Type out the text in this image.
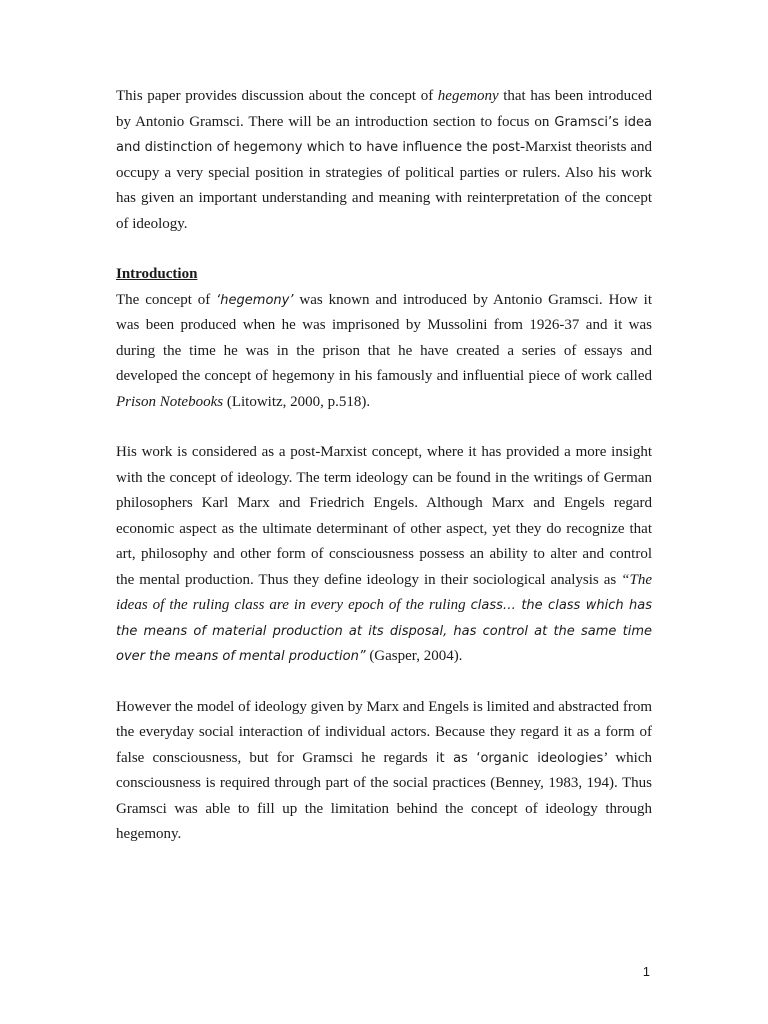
This paper provides discussion about the concept of hegemony that has been introduced by Antonio Gramsci. There will be an introduction section to focus on Gramsci’s idea and distinction of hegemony which to have influence the post-Marxist theorists and occupy a very special position in strategies of political parties or rulers. Also his work has given an important understanding and meaning with reinterpretation of the concept of ideology.

Introduction

The concept of ‘hegemony’ was known and introduced by Antonio Gramsci. How it was been produced when he was imprisoned by Mussolini from 1926-37 and it was during the time he was in the prison that he have created a series of essays and developed the concept of hegemony in his famously and influential piece of work called Prison Notebooks (Litowitz, 2000, p.518).

His work is considered as a post-Marxist concept, where it has provided a more insight with the concept of ideology. The term ideology can be found in the writings of German philosophers Karl Marx and Friedrich Engels. Although Marx and Engels regard economic aspect as the ultimate determinant of other aspect, yet they do recognize that art, philosophy and other form of consciousness possess an ability to alter and control the mental production. Thus they define ideology in their sociological analysis as “The ideas of the ruling class are in every epoch of the ruling class… the class which has the means of material production at its disposal, has control at the same time over the means of mental production” (Gasper, 2004).

However the model of ideology given by Marx and Engels is limited and abstracted from the everyday social interaction of individual actors. Because they regard it as a form of false consciousness, but for Gramsci he regards it as ‘organic ideologies’ which consciousness is required through part of the social practices (Benney, 1983, 194). Thus Gramsci was able to fill up the limitation behind the concept of ideology through hegemony.

1
